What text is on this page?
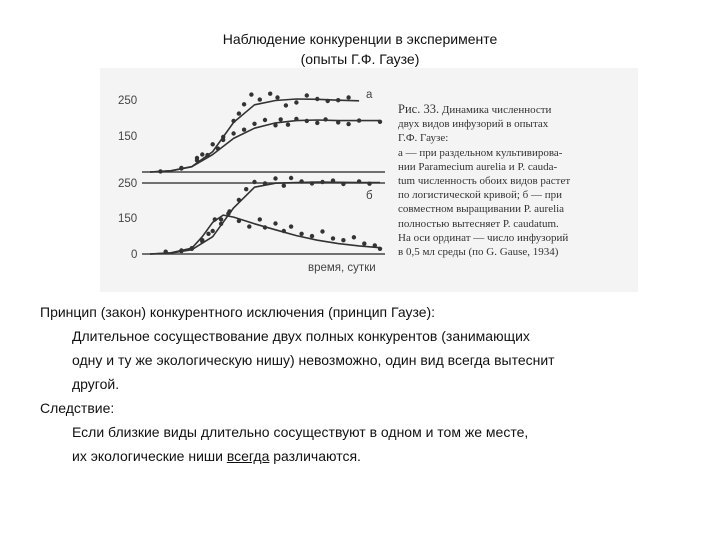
Наблюдение конкуренции в эксперименте
(опыты Г.Ф. Гаузе)
250
150
250
150
0
а
б
время, сутки
Рис. 33. Динамика численности
двух видов инфузорий в опытах
Г.Ф. Гаузе:
а — при раздельном культивирова-
нии Paramecium aurelia и P. cauda-
tum численность обоих видов растет
по логистической кривой; б — при
совместном выращивании P. aurelia
полностью вытесняет P. caudatum.
На оси ординат — число инфузорий
в 0,5 мл среды (по G. Gause, 1934)
Принцип (закон) конкурентного исключения (принцип Гаузе):
Длительное сосуществование двух полных конкурентов (занимающих
одну и ту же экологическую нишу) невозможно, один вид всегда вытеснит
другой.
Следствие:
Если близкие виды длительно сосуществуют в одном и том же месте,
их экологические ниши всегда различаются.
